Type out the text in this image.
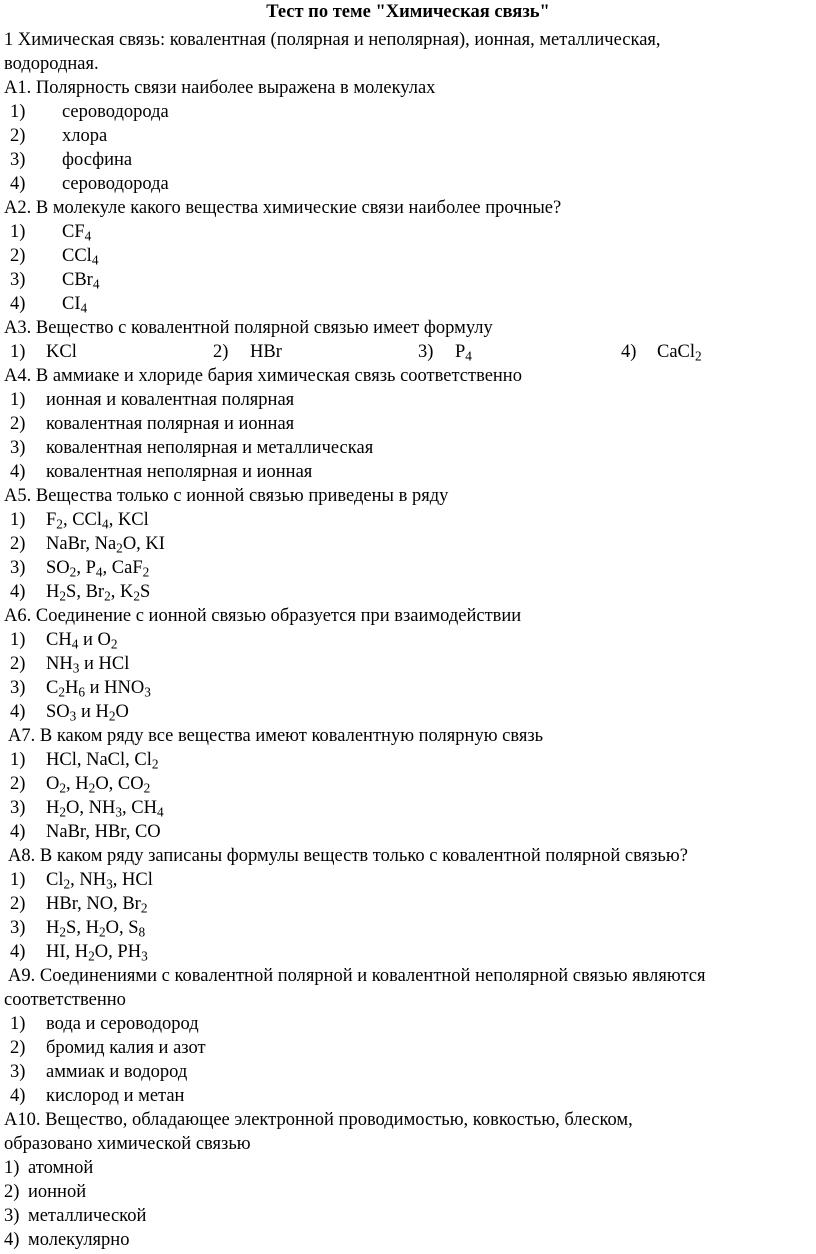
Тест по теме "Химическая связь"
1 Химическая связь: ковалентная (полярная и неполярная), ионная, металлическая,
водородная.
А1. Полярность связи наиболее выражена в молекулах
1) сероводорода
2) хлора
3) фосфина
4) сероводорода
А2. В молекуле какого вещества химические связи наиболее прочные?
1) $CF_4$
2) CCl$_4$
3) CBr$_4$
4) $CI_4$
А3. Вещество с ковалентной полярной связью имеет формулу
1) KCl	2) HBr	3) $P_4$	4) CaCl$_2$
А4. В аммиаке и хлориде бария химическая связь соответственно
1) ионная и ковалентная полярная
2) ковалентная полярная и ионная
3) ковалентная неполярная и металлическая
4) ковалентная неполярная и ионная
А5. Вещества только с ионной связью приведены в ряду
1) $F_2$, CCl$_4$, KCl
2) NaBr, $Na_2O$, KI
3) $SO_2$, $P_4$, CaF$_2$
4) $H_2S$, $Br_2$, $K_2S$
А6. Соединение с ионной связью образуется при взаимодействии
1) $CH_4$ и $O_2$
2) $NH_3$ и HCl
3) $C_2H_6$ и $HNO_3$
4) $SO_3$ и $H_2O$
А7. В каком ряду все вещества имеют ковалентную полярную связь
1) HCl, NaCl, $Cl_2$
2) $O_2$, $H_2O$, $CO_2$
3) $H_2O$, $NH_3$, $CH_4$
4) NaBr, HBr, CO
А8. В каком ряду записаны формулы веществ только с ковалентной полярной связью?
1) $Cl_2$, $NH_3$, HCl
2) HBr, NO, $Br_2$
3) $H_2S$, $H_2O$, $S_8$
4) HI, $H_2O$, $PH_3$
А9. Соединениями с ковалентной полярной и ковалентной неполярной связью являются
соответственно
1) вода и сероводород
2) бромид калия и азот
3) аммиак и водород
4) кислород и метан
А10. Вещество, обладающее электронной проводимостью, ковкостью, блеском,
образовано химической связью
1) атомной
2) ионной
3) металлической
4) молекулярно
